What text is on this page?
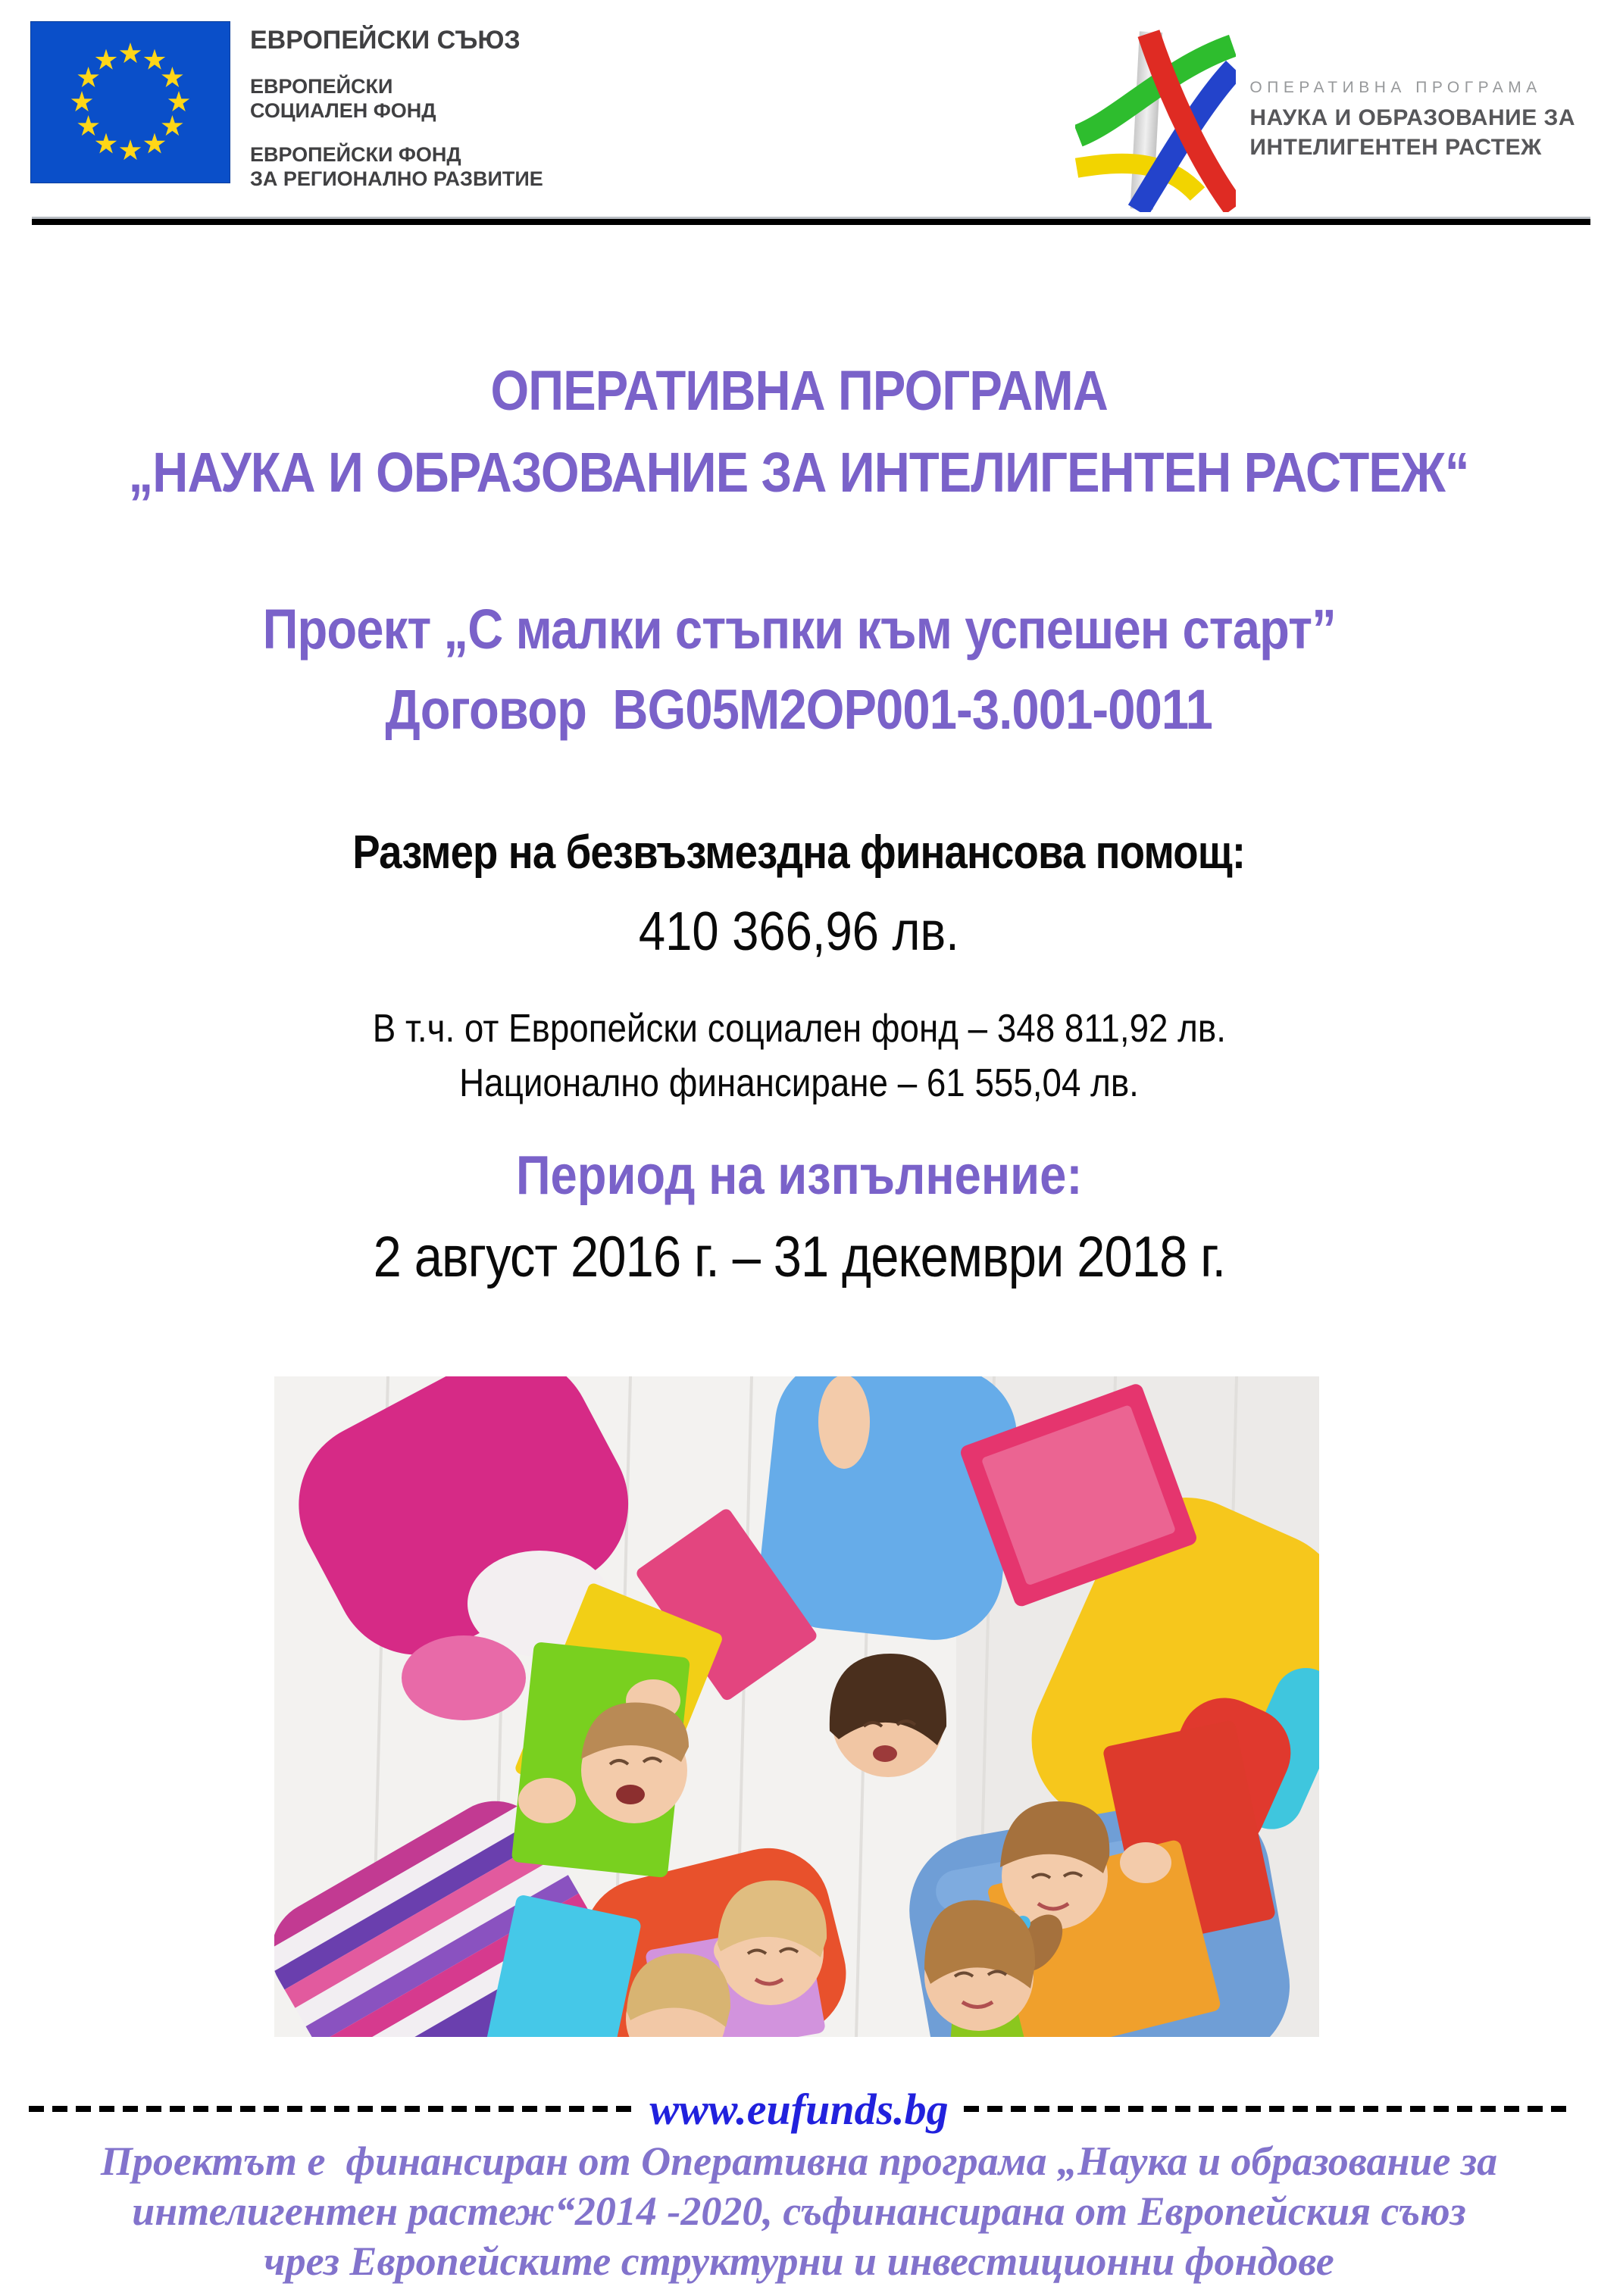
ЕВРОПЕЙСКИ СЪЮЗ
ЕВРОПЕЙСКИ
СОЦИАЛЕН ФОНД
ЕВРОПЕЙСКИ ФОНД
ЗА РЕГИОНАЛНО РАЗВИТИЕ
ОПЕРАТИВНА ПРОГРАМА
НАУКА И ОБРАЗОВАНИЕ ЗА
ИНТЕЛИГЕНТЕН РАСТЕЖ
ОПЕРАТИВНА ПРОГРАМА
„НАУКА И ОБРАЗОВАНИЕ ЗА ИНТЕЛИГЕНТЕН РАСТЕЖ“
Проект „С малки стъпки към успешен старт”
Договор  BG05M2OP001-3.001-0011
Размер на безвъзмездна финансова помощ:
410 366,96 лв.
В т.ч. от Европейски социален фонд – 348 811,92 лв.
Национално финансиране – 61 555,04 лв.
Период на изпълнение:
2 август 2016 г. – 31 декември 2018 г.
www.eufunds.bg

Проектът е  финансиран от Оперативна програма „Наука и образование за

интелигентен растеж“2014 -2020, съфинансирана от Европейския съюз

чрез Европейските структурни и инвестиционни фондове
